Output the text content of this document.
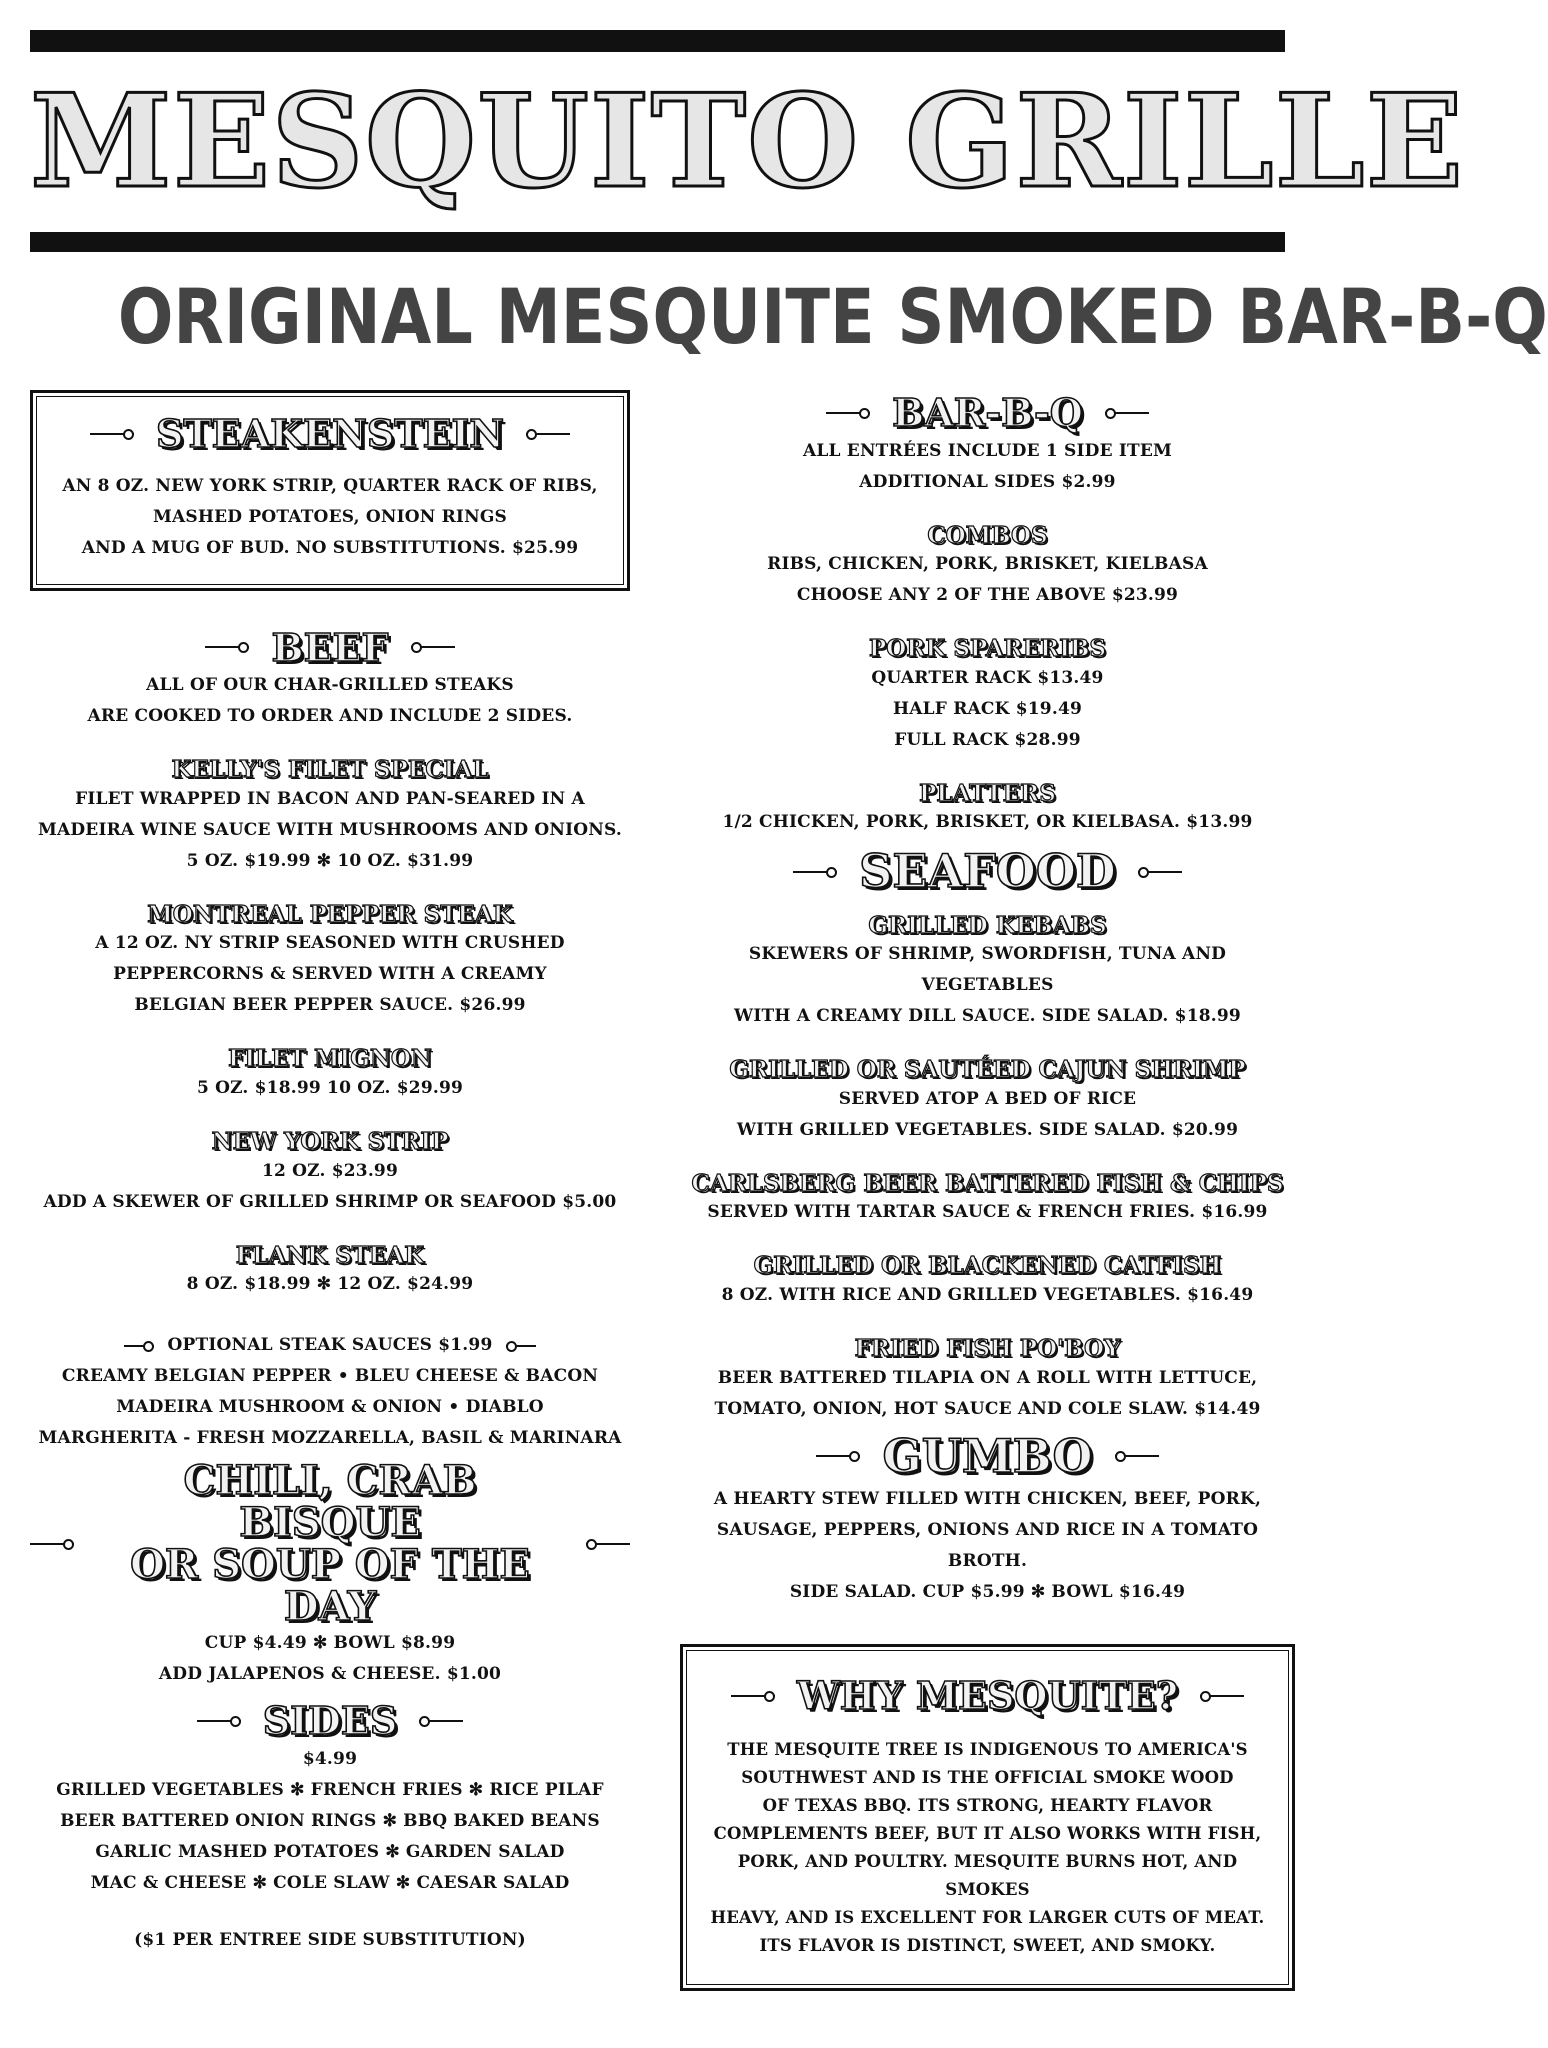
MESQUITO GRILLE
ORIGINAL MESQUITE SMOKED BAR-B-Q
STEAKENSTEIN
AN 8 OZ. NEW YORK STRIP, QUARTER RACK OF RIBS,
MASHED POTATOES, ONION RINGS
AND A MUG OF BUD. NO SUBSTITUTIONS. $25.99
BEEF
ALL OF OUR CHAR-GRILLED STEAKS
ARE COOKED TO ORDER AND INCLUDE 2 SIDES.
KELLY'S FILET SPECIAL
FILET WRAPPED IN BACON AND PAN-SEARED IN A
MADEIRA WINE SAUCE WITH MUSHROOMS AND ONIONS.
5 OZ. $19.99 ✻ 10 OZ. $31.99
MONTREAL PEPPER STEAK
A 12 OZ. NY STRIP SEASONED WITH CRUSHED
PEPPERCORNS & SERVED WITH A CREAMY
BELGIAN BEER PEPPER SAUCE. $26.99
FILET MIGNON
5 OZ. $18.99 10 OZ. $29.99
NEW YORK STRIP
12 OZ. $23.99
ADD A SKEWER OF GRILLED SHRIMP OR SEAFOOD $5.00
FLANK STEAK
8 OZ. $18.99 ✻ 12 OZ. $24.99
OPTIONAL STEAK SAUCES $1.99
CREAMY BELGIAN PEPPER • BLEU CHEESE & BACON
MADEIRA MUSHROOM & ONION • DIABLO
MARGHERITA - FRESH MOZZARELLA, BASIL & MARINARA
CHILI, CRAB BISQUE
OR SOUP OF THE DAY
CUP $4.49 ✻ BOWL $8.99
ADD JALAPENOS & CHEESE. $1.00
SIDES
$4.99
GRILLED VEGETABLES ✻ FRENCH FRIES ✻ RICE PILAF
BEER BATTERED ONION RINGS ✻ BBQ BAKED BEANS
GARLIC MASHED POTATOES ✻ GARDEN SALAD
MAC & CHEESE ✻ COLE SLAW ✻ CAESAR SALAD
($1 PER ENTREE SIDE SUBSTITUTION)
BAR-B-Q
ALL ENTRÉES INCLUDE 1 SIDE ITEM
ADDITIONAL SIDES $2.99
COMBOS
RIBS, CHICKEN, PORK, BRISKET, KIELBASA
CHOOSE ANY 2 OF THE ABOVE $23.99
PORK SPARERIBS
QUARTER RACK $13.49
HALF RACK $19.49
FULL RACK $28.99
PLATTERS
1/2 CHICKEN, PORK, BRISKET, OR KIELBASA. $13.99
SEAFOOD
GRILLED KEBABS
SKEWERS OF SHRIMP, SWORDFISH, TUNA AND VEGETABLES
WITH A CREAMY DILL SAUCE. SIDE SALAD. $18.99
GRILLED OR SAUTÉED CAJUN SHRIMP
SERVED ATOP A BED OF RICE
WITH GRILLED VEGETABLES. SIDE SALAD. $20.99
CARLSBERG BEER BATTERED FISH & CHIPS
SERVED WITH TARTAR SAUCE & FRENCH FRIES. $16.99
GRILLED OR BLACKENED CATFISH
8 OZ. WITH RICE AND GRILLED VEGETABLES. $16.49
FRIED FISH PO'BOY
BEER BATTERED TILAPIA ON A ROLL WITH LETTUCE,
TOMATO, ONION, HOT SAUCE AND COLE SLAW. $14.49
GUMBO
A HEARTY STEW FILLED WITH CHICKEN, BEEF, PORK,
SAUSAGE, PEPPERS, ONIONS AND RICE IN A TOMATO BROTH.
SIDE SALAD. CUP $5.99 ✻ BOWL $16.49
WHY MESQUITE?
THE MESQUITE TREE IS INDIGENOUS TO AMERICA'S
SOUTHWEST AND IS THE OFFICIAL SMOKE WOOD
OF TEXAS BBQ. ITS STRONG, HEARTY FLAVOR
COMPLEMENTS BEEF, BUT IT ALSO WORKS WITH FISH,
PORK, AND POULTRY. MESQUITE BURNS HOT, AND SMOKES
HEAVY, AND IS EXCELLENT FOR LARGER CUTS OF MEAT.
ITS FLAVOR IS DISTINCT, SWEET, AND SMOKY.
